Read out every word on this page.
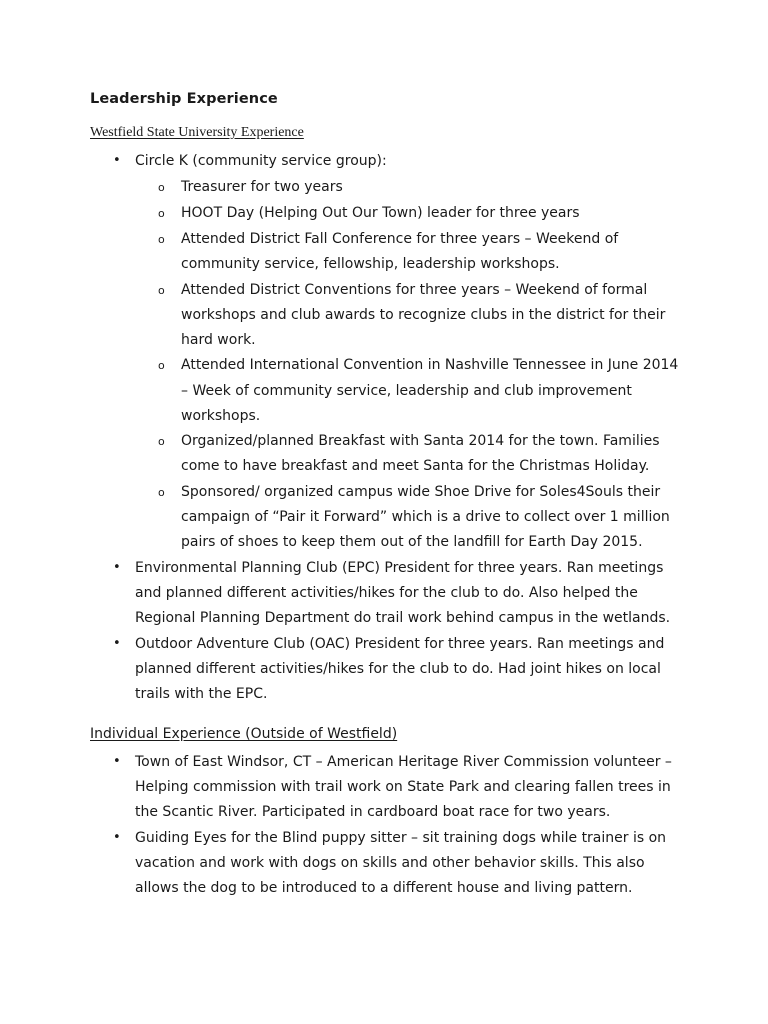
Leadership Experience
Westfield State University Experience
• Circle K (community service group):
o Treasurer for two years
o HOOT Day (Helping Out Our Town) leader for three years
o Attended District Fall Conference for three years – Weekend of
community service, fellowship, leadership workshops.
o Attended District Conventions for three years – Weekend of formal
workshops and club awards to recognize clubs in the district for their
hard work.
o Attended International Convention in Nashville Tennessee in June 2014
– Week of community service, leadership and club improvement
workshops.
o Organized/planned Breakfast with Santa 2014 for the town. Families
come to have breakfast and meet Santa for the Christmas Holiday.
o Sponsored/ organized campus wide Shoe Drive for Soles4Souls their
campaign of “Pair it Forward” which is a drive to collect over 1 million
pairs of shoes to keep them out of the landfill for Earth Day 2015.
• Environmental Planning Club (EPC) President for three years. Ran meetings
and planned different activities/hikes for the club to do. Also helped the
Regional Planning Department do trail work behind campus in the wetlands.
• Outdoor Adventure Club (OAC) President for three years. Ran meetings and
planned different activities/hikes for the club to do. Had joint hikes on local
trails with the EPC.
Individual Experience (Outside of Westfield)
• Town of East Windsor, CT – American Heritage River Commission volunteer –
Helping commission with trail work on State Park and clearing fallen trees in
the Scantic River. Participated in cardboard boat race for two years.
• Guiding Eyes for the Blind puppy sitter – sit training dogs while trainer is on
vacation and work with dogs on skills and other behavior skills. This also
allows the dog to be introduced to a different house and living pattern.
